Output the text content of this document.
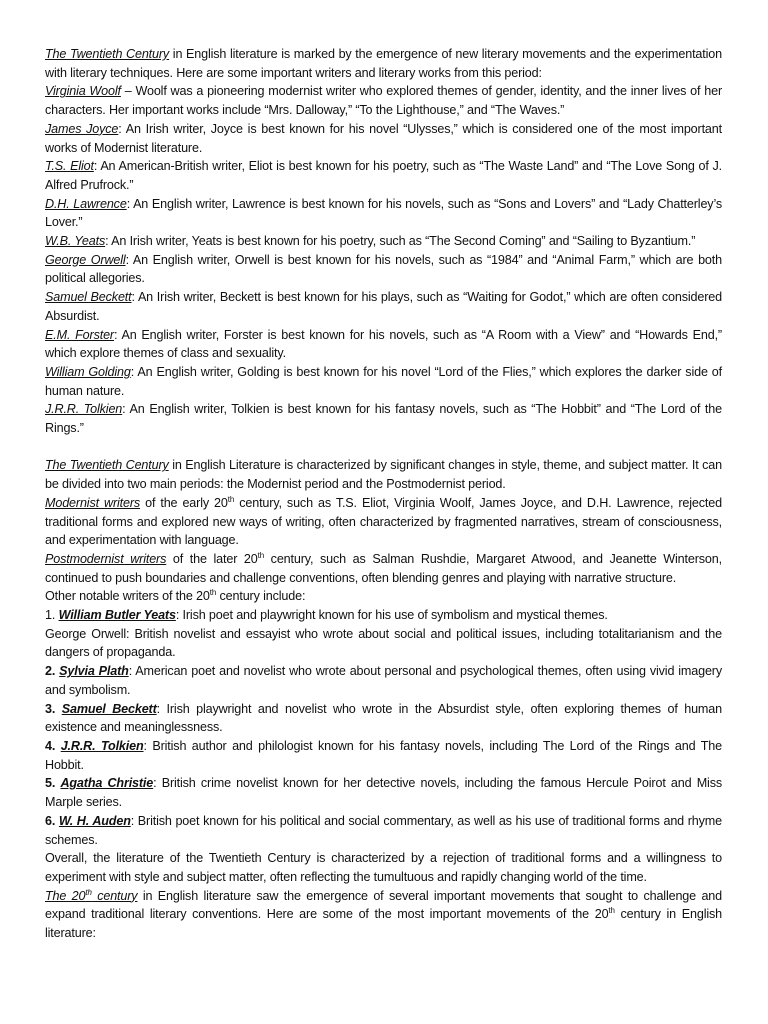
The Twentieth Century in English literature is marked by the emergence of new literary movements and the experimentation with literary techniques. Here are some important writers and literary works from this period:

Virginia Woolf – Woolf was a pioneering modernist writer who explored themes of gender, identity, and the inner lives of her characters. Her important works include “Mrs. Dalloway,” “To the Lighthouse,” and “The Waves.”

James Joyce: An Irish writer, Joyce is best known for his novel “Ulysses,” which is considered one of the most important works of Modernist literature.

T.S. Eliot: An American-British writer, Eliot is best known for his poetry, such as “The Waste Land” and “The Love Song of J. Alfred Prufrock.”

D.H. Lawrence: An English writer, Lawrence is best known for his novels, such as “Sons and Lovers” and “Lady Chatterley’s Lover.”

W.B. Yeats: An Irish writer, Yeats is best known for his poetry, such as “The Second Coming” and “Sailing to Byzantium.”

George Orwell: An English writer, Orwell is best known for his novels, such as “1984” and “Animal Farm,” which are both political allegories.

Samuel Beckett: An Irish writer, Beckett is best known for his plays, such as “Waiting for Godot,” which are often considered Absurdist.

E.M. Forster: An English writer, Forster is best known for his novels, such as “A Room with a View” and “Howards End,” which explore themes of class and sexuality.

William Golding: An English writer, Golding is best known for his novel “Lord of the Flies,” which explores the darker side of human nature.

J.R.R. Tolkien: An English writer, Tolkien is best known for his fantasy novels, such as “The Hobbit” and “The Lord of the Rings.”

The Twentieth Century in English Literature is characterized by significant changes in style, theme, and subject matter. It can be divided into two main periods: the Modernist period and the Postmodernist period.

Modernist writers of the early 20th century, such as T.S. Eliot, Virginia Woolf, James Joyce, and D.H. Lawrence, rejected traditional forms and explored new ways of writing, often characterized by fragmented narratives, stream of consciousness, and experimentation with language.

Postmodernist writers of the later 20th century, such as Salman Rushdie, Margaret Atwood, and Jeanette Winterson, continued to push boundaries and challenge conventions, often blending genres and playing with narrative structure.

Other notable writers of the 20th century include:

1. William Butler Yeats: Irish poet and playwright known for his use of symbolism and mystical themes.

George Orwell: British novelist and essayist who wrote about social and political issues, including totalitarianism and the dangers of propaganda.

2. Sylvia Plath: American poet and novelist who wrote about personal and psychological themes, often using vivid imagery and symbolism.

3. Samuel Beckett: Irish playwright and novelist who wrote in the Absurdist style, often exploring themes of human existence and meaninglessness.

4. J.R.R. Tolkien: British author and philologist known for his fantasy novels, including The Lord of the Rings and The Hobbit.

5. Agatha Christie: British crime novelist known for her detective novels, including the famous Hercule Poirot and Miss Marple series.

6. W. H. Auden: British poet known for his political and social commentary, as well as his use of traditional forms and rhyme schemes.

Overall, the literature of the Twentieth Century is characterized by a rejection of traditional forms and a willingness to experiment with style and subject matter, often reflecting the tumultuous and rapidly changing world of the time.

The 20th century in English literature saw the emergence of several important movements that sought to challenge and expand traditional literary conventions. Here are some of the most important movements of the 20th century in English literature:
